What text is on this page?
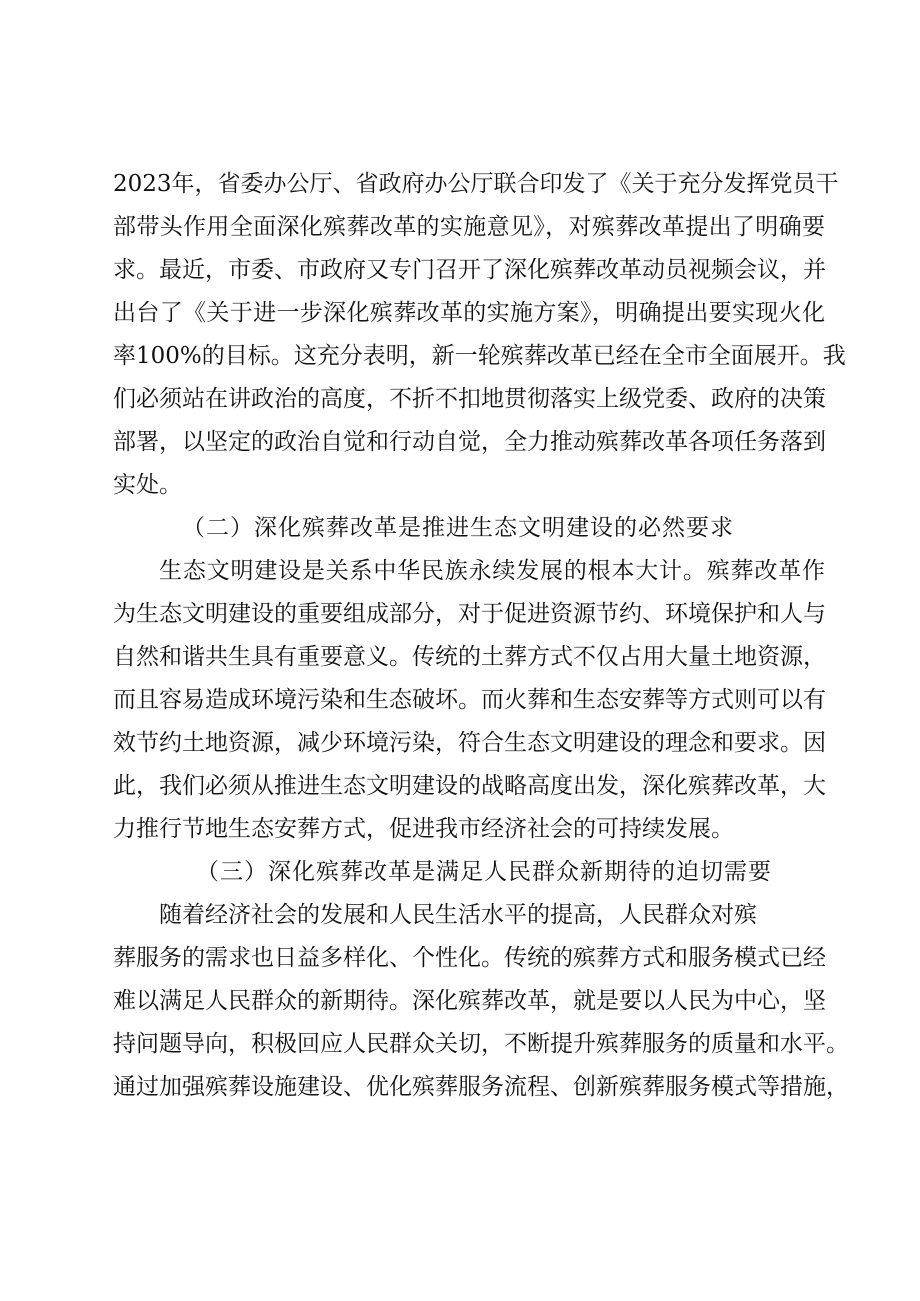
2023年，省委办公厅、省政府办公厅联合印发了《关于充分发挥党员干
部带头作用全面深化殡葬改革的实施意见》，对殡葬改革提出了明确要
求。最近，市委、市政府又专门召开了深化殡葬改革动员视频会议，并
出台了《关于进一步深化殡葬改革的实施方案》，明确提出要实现火化
率100%的目标。这充分表明，新一轮殡葬改革已经在全市全面展开。我
们必须站在讲政治的高度，不折不扣地贯彻落实上级党委、政府的决策
部署，以坚定的政治自觉和行动自觉，全力推动殡葬改革各项任务落到
实处。
（二）深化殡葬改革是推进生态文明建设的必然要求
生态文明建设是关系中华民族永续发展的根本大计。殡葬改革作
为生态文明建设的重要组成部分，对于促进资源节约、环境保护和人与
自然和谐共生具有重要意义。传统的土葬方式不仅占用大量土地资源，
而且容易造成环境污染和生态破坏。而火葬和生态安葬等方式则可以有
效节约土地资源，减少环境污染，符合生态文明建设的理念和要求。因
此，我们必须从推进生态文明建设的战略高度出发，深化殡葬改革，大
力推行节地生态安葬方式，促进我市经济社会的可持续发展。
（三）深化殡葬改革是满足人民群众新期待的迫切需要
随着经济社会的发展和人民生活水平的提高，人民群众对殡
葬服务的需求也日益多样化、个性化。传统的殡葬方式和服务模式已经
难以满足人民群众的新期待。深化殡葬改革，就是要以人民为中心，坚
持问题导向，积极回应人民群众关切，不断提升殡葬服务的质量和水平。
通过加强殡葬设施建设、优化殡葬服务流程、创新殡葬服务模式等措施，
